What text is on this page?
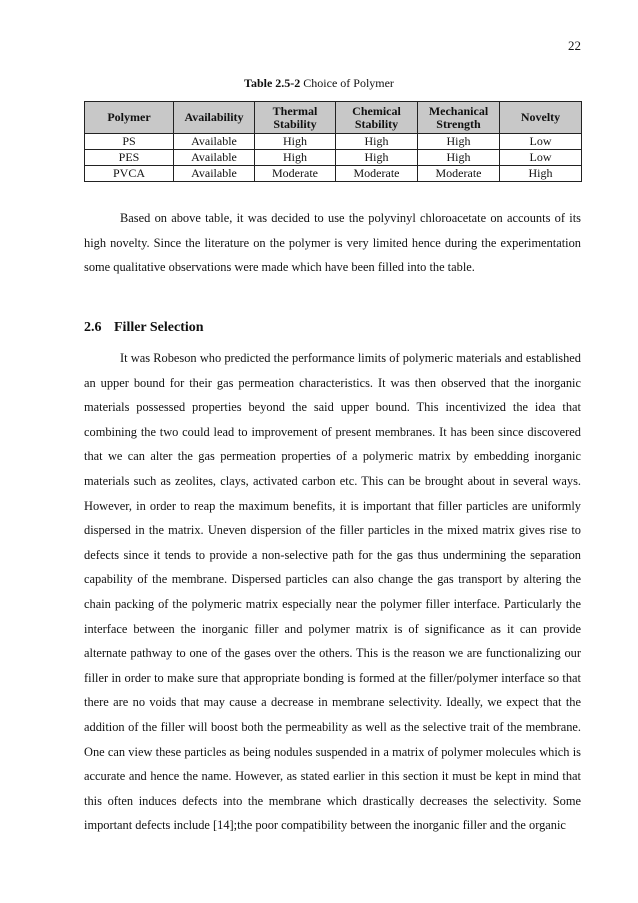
22
Table 2.5-2 Choice of Polymer
Polymer	Availability	Thermal Stability	Chemical Stability	Mechanical Strength	Novelty
PS	Available	High	High	High	Low
PES	Available	High	High	High	Low
PVCA	Available	Moderate	Moderate	Moderate	High

Based on above table, it was decided to use the polyvinyl chloroacetate on accounts of its high novelty. Since the literature on the polymer is very limited hence during the experimentation some qualitative observations were made which have been filled into the table.

2.6 Filler Selection

It was Robeson who predicted the performance limits of polymeric materials and established an upper bound for their gas permeation characteristics. It was then observed that the inorganic materials possessed properties beyond the said upper bound. This incentivized the idea that combining the two could lead to improvement of present membranes. It has been since discovered that we can alter the gas permeation properties of a polymeric matrix by embedding inorganic materials such as zeolites, clays, activated carbon etc. This can be brought about in several ways. However, in order to reap the maximum benefits, it is important that filler particles are uniformly dispersed in the matrix. Uneven dispersion of the filler particles in the mixed matrix gives rise to defects since it tends to provide a non-selective path for the gas thus undermining the separation capability of the membrane. Dispersed particles can also change the gas transport by altering the chain packing of the polymeric matrix especially near the polymer filler interface. Particularly the interface between the inorganic filler and polymer matrix is of significance as it can provide alternate pathway to one of the gases over the others. This is the reason we are functionalizing our filler in order to make sure that appropriate bonding is formed at the filler/polymer interface so that there are no voids that may cause a decrease in membrane selectivity. Ideally, we expect that the addition of the filler will boost both the permeability as well as the selective trait of the membrane. One can view these particles as being nodules suspended in a matrix of polymer molecules which is accurate and hence the name. However, as stated earlier in this section it must be kept in mind that this often induces defects into the membrane which drastically decreases the selectivity. Some important defects include [14];the poor compatibility between the inorganic filler and the organic
